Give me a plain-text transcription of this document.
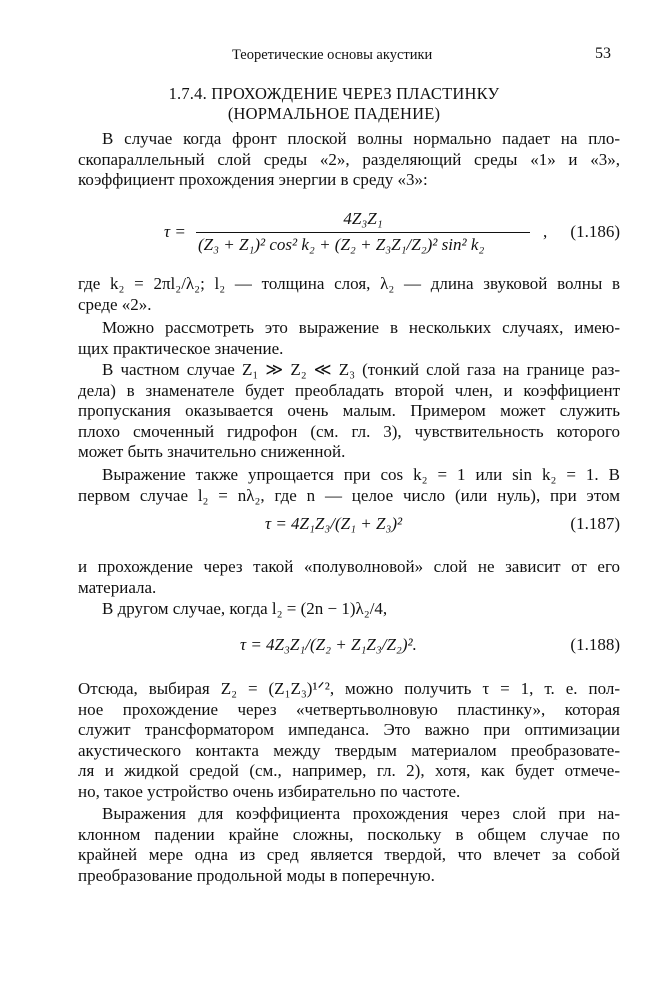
Теоретические основы акустики	53
1.7.4. ПРОХОЖДЕНИЕ ЧЕРЕЗ ПЛАСТИНКУ
(НОРМАЛЬНОЕ ПАДЕНИЕ)
В случае когда фронт плоской волны нормально падает на пло-
скопараллельный слой среды «2», разделяющий среды «1» и «3»,
коэффициент прохождения энергии в среду «3»:
τ =
4Z₃Z₁
(Z₃ + Z₁)² cos² k₂ + (Z₂ + Z₃Z₁/Z₂)² sin² k₂
, (1.186)
где k₂ = 2πl₂/λ₂; l₂ — толщина слоя, λ₂ — длина звуковой волны в
среде «2».
Можно рассмотреть это выражение в нескольких случаях, имею-
щих практическое значение.
В частном случае Z₁ ≫ Z₂ ≪ Z₃ (тонкий слой газа на границе раз-
дела) в знаменателе будет преобладать второй член, и коэффициент
пропускания оказывается очень малым. Примером может служить
плохо смоченный гидрофон (см. гл. 3), чувствительность которого
может быть значительно сниженной.
Выражение также упрощается при cos k₂ = 1 или sin k₂ = 1. В
первом случае l₂ = nλ₂, где n — целое число (или нуль), при этом
τ = 4Z₁Z₃/(Z₁ + Z₃)²	(1.187)
и прохождение через такой «полуволновой» слой не зависит от его
материала.
В другом случае, когда l₂ = (2n − 1)λ₂/4,
τ = 4Z₃Z₁/(Z₂ + Z₁Z₃/Z₂)².	(1.188)
Отсюда, выбирая Z₂ = (Z₁Z₃)¹ᐟ², можно получить τ = 1, т. е. пол-
ное прохождение через «четвертьволновую пластинку», которая
служит трансформатором импеданса. Это важно при оптимизации
акустического контакта между твердым материалом преобразовате-
ля и жидкой средой (см., например, гл. 2), хотя, как будет отмече-
но, такое устройство очень избирательно по частоте.
Выражения для коэффициента прохождения через слой при на-
клонном падении крайне сложны, поскольку в общем случае по
крайней мере одна из сред является твердой, что влечет за собой
преобразование продольной моды в поперечную.
